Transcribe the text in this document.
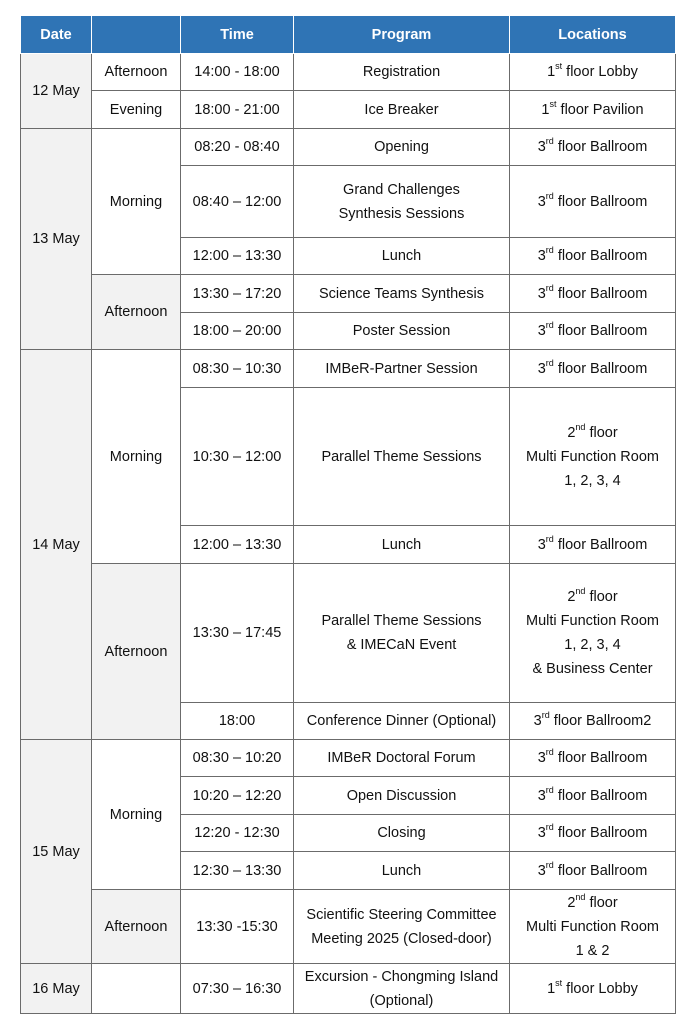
Date		Time	Program	Locations
12 May	Afternoon	14:00 - 18:00	Registration	1st floor Lobby
	Evening	18:00 - 21:00	Ice Breaker	1st floor Pavilion
13 May	Morning	08:20 - 08:40	Opening	3rd floor Ballroom
		08:40 – 12:00	Grand Challenges
Synthesis Sessions	3rd floor Ballroom
		12:00 – 13:30	Lunch	3rd floor Ballroom
	Afternoon	13:30 – 17:20	Science Teams Synthesis	3rd floor Ballroom
		18:00 – 20:00	Poster Session	3rd floor Ballroom
14 May	Morning	08:30 – 10:30	IMBeR-Partner Session	3rd floor Ballroom
		10:30 – 12:00	Parallel Theme Sessions	2nd floor
Multi Function Room
1, 2, 3, 4
		12:00 – 13:30	Lunch	3rd floor Ballroom
	Afternoon	13:30 – 17:45	Parallel Theme Sessions
& IMECaN Event	2nd floor
Multi Function Room
1, 2, 3, 4
& Business Center
		18:00	Conference Dinner (Optional)	3rd floor Ballroom2
15 May	Morning	08:30 – 10:20	IMBeR Doctoral Forum	3rd floor Ballroom
		10:20 – 12:20	Open Discussion	3rd floor Ballroom
		12:20 - 12:30	Closing	3rd floor Ballroom
		12:30 – 13:30	Lunch	3rd floor Ballroom
	Afternoon	13:30 -15:30	Scientific Steering Committee
Meeting 2025 (Closed-door)	2nd floor
Multi Function Room
1 & 2
16 May		07:30 – 16:30	Excursion - Chongming Island
(Optional)	1st floor Lobby
